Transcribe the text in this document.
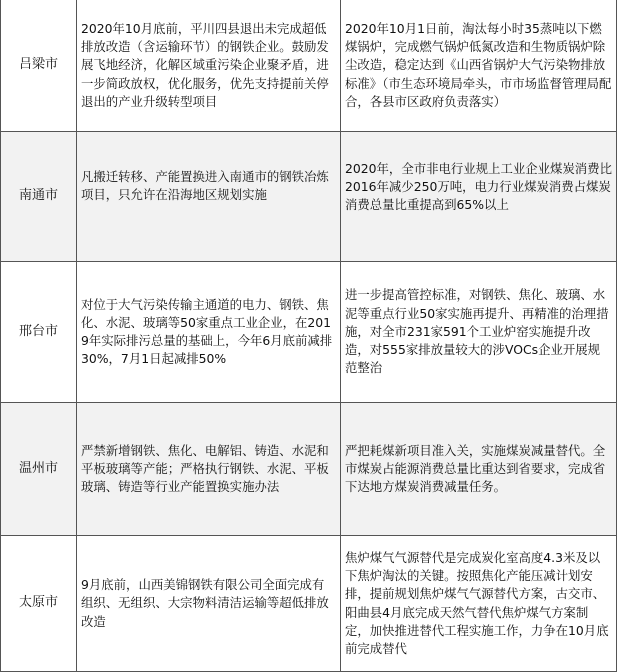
吕梁市	2020年10月底前，平川四县退出未完成超低排放改造（含运输环节）的钢铁企业。鼓励发展飞地经济，化解区域重污染企业聚矛盾，进一步简政放权，优化服务，优先支持提前关停退出的产业升级转型项目	2020年10月1日前，淘汰每小时35蒸吨以下燃煤锅炉，完成燃气锅炉低氮改造和生物质锅炉除尘改造，稳定达到《山西省锅炉大气污染物排放标准》（市生态环境局牵头，市市场监督管理局配合，各县市区政府负责落实）
南通市	凡搬迁转移、产能置换进入南通市的钢铁冶炼项目，只允许在沿海地区规划实施	2020年，全市非电行业规上工业企业煤炭消费比2016年减少250万吨，电力行业煤炭消费占煤炭消费总量比重提高到65%以上
邢台市	对位于大气污染传输主通道的电力、钢铁、焦化、水泥、玻璃等50家重点工业企业，在2019年实际排污总量的基础上，今年6月底前减排30%，7月1日起减排50%	进一步提高管控标准，对钢铁、焦化、玻璃、水泥等重点行业50家实施再提升、再精准的治理措施，对全市231家591个工业炉窑实施提升改造，对555家排放量较大的涉VOCs企业开展规范整治
温州市	严禁新增钢铁、焦化、电解铝、铸造、水泥和平板玻璃等产能；严格执行钢铁、水泥、平板玻璃、铸造等行业产能置换实施办法	严把耗煤新项目准入关，实施煤炭减量替代。全市煤炭占能源消费总量比重达到省要求，完成省下达地方煤炭消费减量任务。
太原市	9月底前，山西美锦钢铁有限公司全面完成有组织、无组织、大宗物料清洁运输等超低排放改造	焦炉煤气气源替代是完成炭化室高度4.3米及以下焦炉淘汰的关键。按照焦化产能压减计划安排，提前规划焦炉煤气气源替代方案，古交市、阳曲县4月底完成天然气替代焦炉煤气方案制定，加快推进替代工程实施工作，力争在10月底前完成替代
